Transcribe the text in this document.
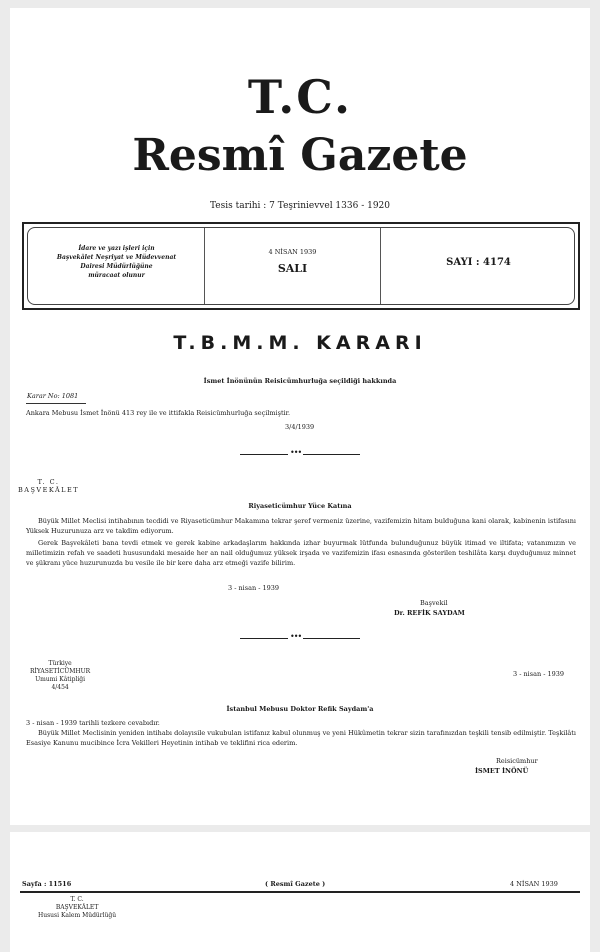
T.C.
Resmî Gazete
Tesis tarihi : 7 Teşrinievvel 1336 - 1920
İdare ve yazı işleri için
Başvekâlet Neşriyat ve Müdevvenat
Dairesi Müdürlüğüne
müracaat olunur
4 NİSAN 1939
SALI	SAYI : 4174
T.B.M.M. KARARI
İsmet İnönünün Reisicümhurluğa seçildiği hakkında
Karar No: 1081
Ankara Mebusu İsmet İnönü 413 rey ile ve ittifakla Reisicümhurluğa seçilmiştir.
3/4/1939
•••
T. C.
BAŞVEKÂLET
Riyaseticümhur Yüce Katına
Büyük Millet Meclisi intihabının tecdidi ve Riyaseticümhur Makamına tekrar şeref vermeniz üzerine, vazifemizin hitam bulduğuna kani olarak, kabinenin istifasını Yüksek Huzurunuza arz ve takdim ediyorum.
Gerek Başvekâleti bana tevdi etmek ve gerek kabine arkadaşlarım hakkında izhar buyurmak lütfunda bulunduğunuz büyük itimad ve iltifata; vatanımızın ve milletimizin refah ve saadeti hususundaki mesaide her an nail olduğumuz yüksek irşada ve vazifemizin ifası esnasında gösterilen teshilâta karşı duyduğumuz minnet ve şükranı yüce huzurunuzda bu vesile ile bir kere daha arz etmeği vazife bilirim.
3 - nisan - 1939
Başvekil
Dr. REFİK SAYDAM
•••
Türkiye
RİYASETİCÜMHUR
Umumi Kâtipliği
4/454
3 - nisan - 1939
İstanbul Mebusu Doktor Refik Saydam'a
3 - nisan - 1939 tarihli tezkere cevabıdır.
Büyük Millet Meclisinin yeniden intihabı dolayısile vukubulan istifanız kabul olunmuş ve yeni Hükûmetin tekrar sizin tarafınızdan teşkili tensib edilmiştir. Teşkilâtı Esasiye Kanunu mucibince İcra Vekilleri Heyetinin intihab ve teklifini rica ederim.
Reisicümhur
İSMET İNÖNÜ
Sayfa : 11516	( Resmî Gazete )	4 NİSAN 1939
T. C.
BAŞVEKÂLET
Hususi Kalem Müdürlüğü
